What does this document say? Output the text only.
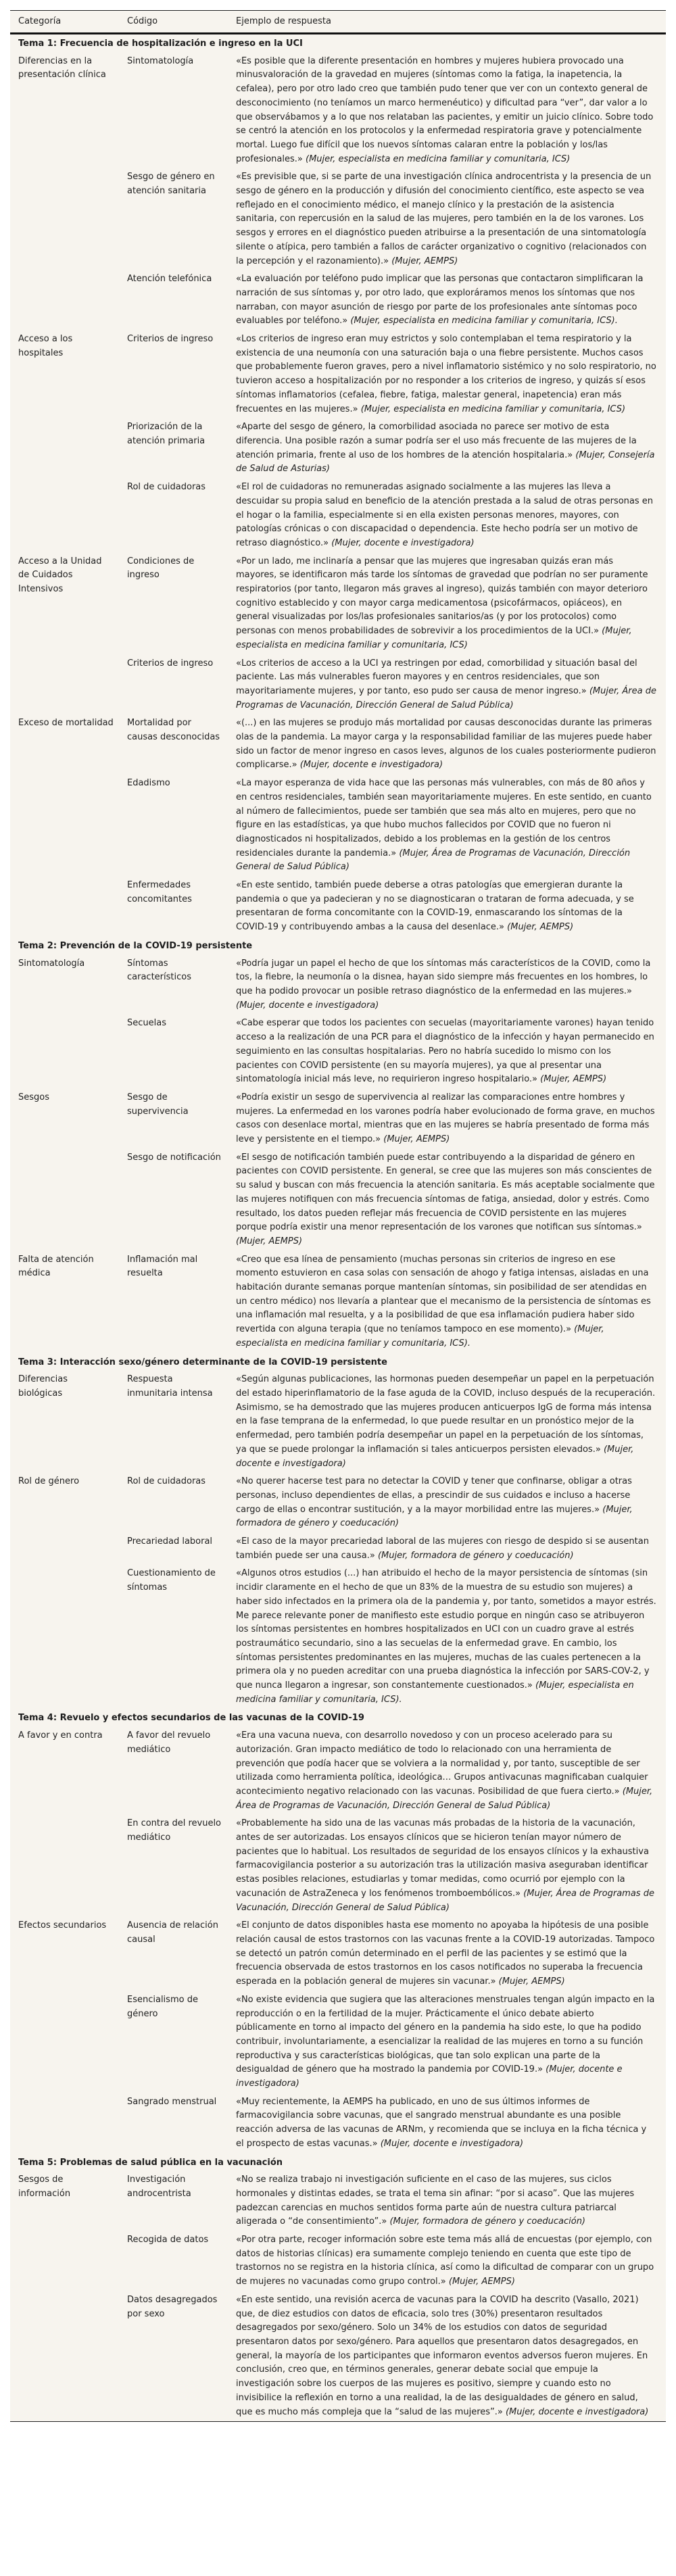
Categoría	Código	Ejemplo de respuesta
Tema 1: Frecuencia de hospitalización e ingreso en la UCI		
Diferencias en la presentación clínica	Sintomatología	«Es posible que la diferente presentación en hombres y mujeres hubiera provocado una minusvaloración de la gravedad en mujeres (síntomas como la fatiga, la inapetencia, la cefalea), pero por otro lado creo que también pudo tener que ver con un contexto general de desconocimiento (no teníamos un marco hermenéutico) y dificultad para “ver”, dar valor a lo que observábamos y a lo que nos relataban las pacientes, y emitir un juicio clínico. Sobre todo se centró la atención en los protocolos y la enfermedad respiratoria grave y potencialmente mortal. Luego fue difícil que los nuevos síntomas calaran entre la población y los/las profesionales.» (Mujer, especialista en medicina familiar y comunitaria, ICS)
	Sesgo de género en atención sanitaria	«Es previsible que, si se parte de una investigación clínica androcentrista y la presencia de un sesgo de género en la producción y difusión del conocimiento científico, este aspecto se vea reflejado en el conocimiento médico, el manejo clínico y la prestación de la asistencia sanitaria, con repercusión en la salud de las mujeres, pero también en la de los varones. Los sesgos y errores en el diagnóstico pueden atribuirse a la presentación de una sintomatología silente o atípica, pero también a fallos de carácter organizativo o cognitivo (relacionados con la percepción y el razonamiento).» (Mujer, AEMPS)
	Atención telefónica	«La evaluación por teléfono pudo implicar que las personas que contactaron simplificaran la narración de sus síntomas y, por otro lado, que exploráramos menos los síntomas que nos narraban, con mayor asunción de riesgo por parte de los profesionales ante síntomas poco evaluables por teléfono.» (Mujer, especialista en medicina familiar y comunitaria, ICS).
Acceso a los hospitales	Criterios de ingreso	«Los criterios de ingreso eran muy estrictos y solo contemplaban el tema respiratorio y la existencia de una neumonía con una saturación baja o una fiebre persistente. Muchos casos que probablemente fueron graves, pero a nivel inflamatorio sistémico y no solo respiratorio, no tuvieron acceso a hospitalización por no responder a los criterios de ingreso, y quizás sí esos síntomas inflamatorios (cefalea, fiebre, fatiga, malestar general, inapetencia) eran más frecuentes en las mujeres.» (Mujer, especialista en medicina familiar y comunitaria, ICS)
	Priorización de la atención primaria	«Aparte del sesgo de género, la comorbilidad asociada no parece ser motivo de esta diferencia. Una posible razón a sumar podría ser el uso más frecuente de las mujeres de la atención primaria, frente al uso de los hombres de la atención hospitalaria.» (Mujer, Consejería de Salud de Asturias)
	Rol de cuidadoras	«El rol de cuidadoras no remuneradas asignado socialmente a las mujeres las lleva a descuidar su propia salud en beneficio de la atención prestada a la salud de otras personas en el hogar o la familia, especialmente si en ella existen personas menores, mayores, con patologías crónicas o con discapacidad o dependencia. Este hecho podría ser un motivo de retraso diagnóstico.» (Mujer, docente e investigadora)
Acceso a la Unidad de Cuidados Intensivos	Condiciones de ingreso	«Por un lado, me inclinaría a pensar que las mujeres que ingresaban quizás eran más mayores, se identificaron más tarde los síntomas de gravedad que podrían no ser puramente respiratorios (por tanto, llegaron más graves al ingreso), quizás también con mayor deterioro cognitivo establecido y con mayor carga medicamentosa (psicofármacos, opiáceos), en general visualizadas por los/las profesionales sanitarios/as (y por los protocolos) como personas con menos probabilidades de sobrevivir a los procedimientos de la UCI.» (Mujer, especialista en medicina familiar y comunitaria, ICS)
	Criterios de ingreso	«Los criterios de acceso a la UCI ya restringen por edad, comorbilidad y situación basal del paciente. Las más vulnerables fueron mayores y en centros residenciales, que son mayoritariamente mujeres, y por tanto, eso pudo ser causa de menor ingreso.» (Mujer, Área de Programas de Vacunación, Dirección General de Salud Pública)
Exceso de mortalidad	Mortalidad por causas desconocidas	«(...) en las mujeres se produjo más mortalidad por causas desconocidas durante las primeras olas de la pandemia. La mayor carga y la responsabilidad familiar de las mujeres puede haber sido un factor de menor ingreso en casos leves, algunos de los cuales posteriormente pudieron complicarse.» (Mujer, docente e investigadora)
	Edadismo	«La mayor esperanza de vida hace que las personas más vulnerables, con más de 80 años y en centros residenciales, también sean mayoritariamente mujeres. En este sentido, en cuanto al número de fallecimientos, puede ser también que sea más alto en mujeres, pero que no figure en las estadísticas, ya que hubo muchos fallecidos por COVID que no fueron ni diagnosticados ni hospitalizados, debido a los problemas en la gestión de los centros residenciales durante la pandemia.» (Mujer, Área de Programas de Vacunación, Dirección General de Salud Pública)
	Enfermedades concomitantes	«En este sentido, también puede deberse a otras patologías que emergieran durante la pandemia o que ya padecieran y no se diagnosticaran o trataran de forma adecuada, y se presentaran de forma concomitante con la COVID-19, enmascarando los síntomas de la COVID-19 y contribuyendo ambas a la causa del desenlace.» (Mujer, AEMPS)
Tema 2: Prevención de la COVID-19 persistente		
Sintomatología	Síntomas característicos	«Podría jugar un papel el hecho de que los síntomas más característicos de la COVID, como la tos, la fiebre, la neumonía o la disnea, hayan sido siempre más frecuentes en los hombres, lo que ha podido provocar un posible retraso diagnóstico de la enfermedad en las mujeres.» (Mujer, docente e investigadora)
	Secuelas	«Cabe esperar que todos los pacientes con secuelas (mayoritariamente varones) hayan tenido acceso a la realización de una PCR para el diagnóstico de la infección y hayan permanecido en seguimiento en las consultas hospitalarias. Pero no habría sucedido lo mismo con los pacientes con COVID persistente (en su mayoría mujeres), ya que al presentar una sintomatología inicial más leve, no requirieron ingreso hospitalario.» (Mujer, AEMPS)
Sesgos	Sesgo de supervivencia	«Podría existir un sesgo de supervivencia al realizar las comparaciones entre hombres y mujeres. La enfermedad en los varones podría haber evolucionado de forma grave, en muchos casos con desenlace mortal, mientras que en las mujeres se habría presentado de forma más leve y persistente en el tiempo.» (Mujer, AEMPS)
	Sesgo de notificación	«El sesgo de notificación también puede estar contribuyendo a la disparidad de género en pacientes con COVID persistente. En general, se cree que las mujeres son más conscientes de su salud y buscan con más frecuencia la atención sanitaria. Es más aceptable socialmente que las mujeres notifiquen con más frecuencia síntomas de fatiga, ansiedad, dolor y estrés. Como resultado, los datos pueden reflejar más frecuencia de COVID persistente en las mujeres porque podría existir una menor representación de los varones que notifican sus síntomas.» (Mujer, AEMPS)
Falta de atención médica	Inflamación mal resuelta	«Creo que esa línea de pensamiento (muchas personas sin criterios de ingreso en ese momento estuvieron en casa solas con sensación de ahogo y fatiga intensas, aisladas en una habitación durante semanas porque mantenían síntomas, sin posibilidad de ser atendidas en un centro médico) nos llevaría a plantear que el mecanismo de la persistencia de síntomas es una inflamación mal resuelta, y a la posibilidad de que esa inflamación pudiera haber sido revertida con alguna terapia (que no teníamos tampoco en ese momento).» (Mujer, especialista en medicina familiar y comunitaria, ICS).
Tema 3: Interacción sexo/género determinante de la COVID-19 persistente		
Diferencias biológicas	Respuesta inmunitaria intensa	«Según algunas publicaciones, las hormonas pueden desempeñar un papel en la perpetuación del estado hiperinflamatorio de la fase aguda de la COVID, incluso después de la recuperación. Asimismo, se ha demostrado que las mujeres producen anticuerpos IgG de forma más intensa en la fase temprana de la enfermedad, lo que puede resultar en un pronóstico mejor de la enfermedad, pero también podría desempeñar un papel en la perpetuación de los síntomas, ya que se puede prolongar la inflamación si tales anticuerpos persisten elevados.» (Mujer, docente e investigadora)
Rol de género	Rol de cuidadoras	«No querer hacerse test para no detectar la COVID y tener que confinarse, obligar a otras personas, incluso dependientes de ellas, a prescindir de sus cuidados e incluso a hacerse cargo de ellas o encontrar sustitución, y a la mayor morbilidad entre las mujeres.» (Mujer, formadora de género y coeducación)
	Precariedad laboral	«El caso de la mayor precariedad laboral de las mujeres con riesgo de despido si se ausentan también puede ser una causa.» (Mujer, formadora de género y coeducación)
	Cuestionamiento de síntomas	«Algunos otros estudios (...) han atribuido el hecho de la mayor persistencia de síntomas (sin incidir claramente en el hecho de que un 83% de la muestra de su estudio son mujeres) a haber sido infectados en la primera ola de la pandemia y, por tanto, sometidos a mayor estrés. Me parece relevante poner de manifiesto este estudio porque en ningún caso se atribuyeron los síntomas persistentes en hombres hospitalizados en UCI con un cuadro grave al estrés postraumático secundario, sino a las secuelas de la enfermedad grave. En cambio, los síntomas persistentes predominantes en las mujeres, muchas de las cuales pertenecen a la primera ola y no pueden acreditar con una prueba diagnóstica la infección por SARS-COV-2, y que nunca llegaron a ingresar, son constantemente cuestionados.» (Mujer, especialista en medicina familiar y comunitaria, ICS).
Tema 4: Revuelo y efectos secundarios de las vacunas de la COVID-19		
A favor y en contra	A favor del revuelo mediático	«Era una vacuna nueva, con desarrollo novedoso y con un proceso acelerado para su autorización. Gran impacto mediático de todo lo relacionado con una herramienta de prevención que podía hacer que se volviera a la normalidad y, por tanto, susceptible de ser utilizada como herramienta política, ideológica… Grupos antivacunas magnificaban cualquier acontecimiento negativo relacionado con las vacunas. Posibilidad de que fuera cierto.» (Mujer, Área de Programas de Vacunación, Dirección General de Salud Pública)
	En contra del revuelo mediático	«Probablemente ha sido una de las vacunas más probadas de la historia de la vacunación, antes de ser autorizadas. Los ensayos clínicos que se hicieron tenían mayor número de pacientes que lo habitual. Los resultados de seguridad de los ensayos clínicos y la exhaustiva farmacovigilancia posterior a su autorización tras la utilización masiva aseguraban identificar estas posibles relaciones, estudiarlas y tomar medidas, como ocurrió por ejemplo con la vacunación de AstraZeneca y los fenómenos tromboembólicos.» (Mujer, Área de Programas de Vacunación, Dirección General de Salud Pública)
Efectos secundarios	Ausencia de relación causal	«El conjunto de datos disponibles hasta ese momento no apoyaba la hipótesis de una posible relación causal de estos trastornos con las vacunas frente a la COVID-19 autorizadas. Tampoco se detectó un patrón común determinado en el perfil de las pacientes y se estimó que la frecuencia observada de estos trastornos en los casos notificados no superaba la frecuencia esperada en la población general de mujeres sin vacunar.» (Mujer, AEMPS)
	Esencialismo de género	«No existe evidencia que sugiera que las alteraciones menstruales tengan algún impacto en la reproducción o en la fertilidad de la mujer. Prácticamente el único debate abierto públicamente en torno al impacto del género en la pandemia ha sido este, lo que ha podido contribuir, involuntariamente, a esencializar la realidad de las mujeres en torno a su función reproductiva y sus características biológicas, que tan solo explican una parte de la desigualdad de género que ha mostrado la pandemia por COVID-19.» (Mujer, docente e investigadora)
	Sangrado menstrual	«Muy recientemente, la AEMPS ha publicado, en uno de sus últimos informes de farmacovigilancia sobre vacunas, que el sangrado menstrual abundante es una posible reacción adversa de las vacunas de ARNm, y recomienda que se incluya en la ficha técnica y el prospecto de estas vacunas.» (Mujer, docente e investigadora)
Tema 5: Problemas de salud pública en la vacunación		
Sesgos de información	Investigación androcentrista	«No se realiza trabajo ni investigación suficiente en el caso de las mujeres, sus ciclos hormonales y distintas edades, se trata el tema sin afinar: “por si acaso”. Que las mujeres padezcan carencias en muchos sentidos forma parte aún de nuestra cultura patriarcal aligerada o “de consentimiento”.» (Mujer, formadora de género y coeducación)
	Recogida de datos	«Por otra parte, recoger información sobre este tema más allá de encuestas (por ejemplo, con datos de historias clínicas) era sumamente complejo teniendo en cuenta que este tipo de trastornos no se registra en la historia clínica, así como la dificultad de comparar con un grupo de mujeres no vacunadas como grupo control.» (Mujer, AEMPS)
	Datos desagregados por sexo	«En este sentido, una revisión acerca de vacunas para la COVID ha descrito (Vasallo, 2021) que, de diez estudios con datos de eficacia, solo tres (30%) presentaron resultados desagregados por sexo/género. Solo un 34% de los estudios con datos de seguridad presentaron datos por sexo/género. Para aquellos que presentaron datos desagregados, en general, la mayoría de los participantes que informaron eventos adversos fueron mujeres. En conclusión, creo que, en términos generales, generar debate social que empuje la investigación sobre los cuerpos de las mujeres es positivo, siempre y cuando esto no invisibilice la reflexión en torno a una realidad, la de las desigualdades de género en salud, que es mucho más compleja que la “salud de las mujeres”.» (Mujer, docente e investigadora)
